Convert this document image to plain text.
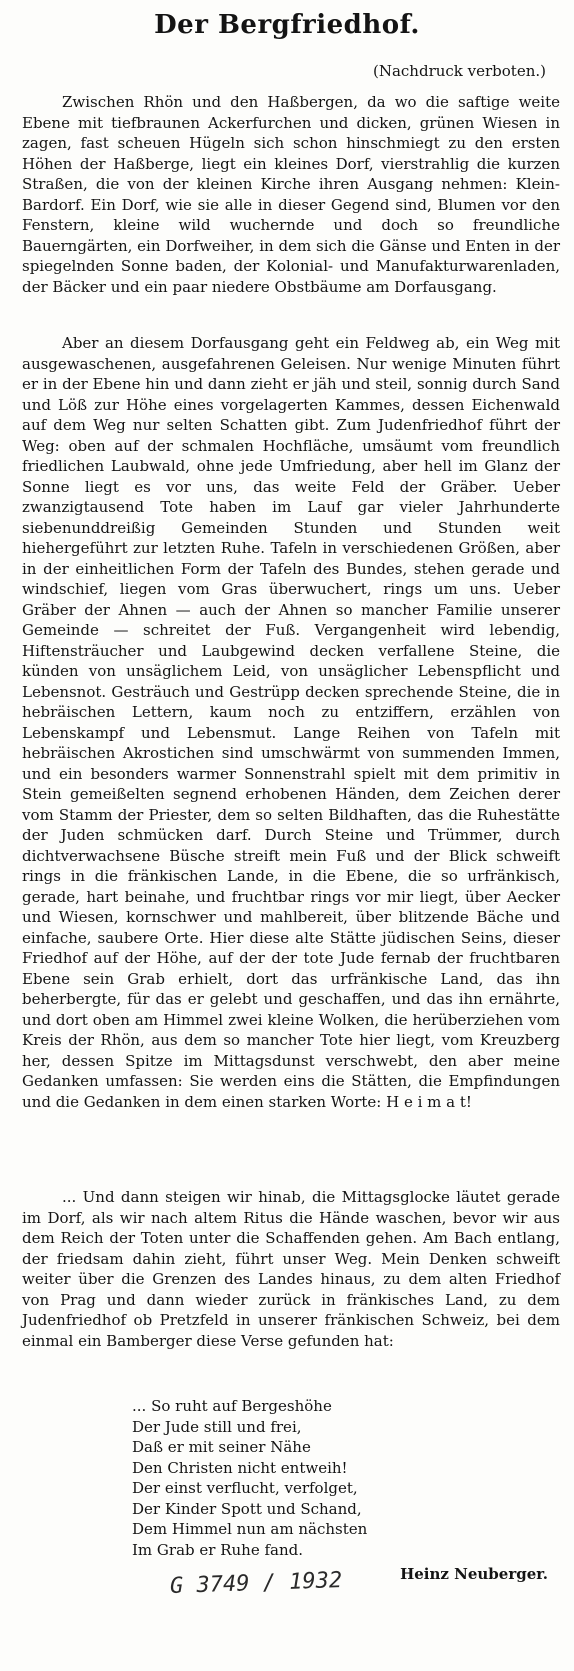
Der Bergfriedhof.
(Nachdruck verboten.)

Zwischen Rhön und den Haßbergen, da wo die saftige weite Ebene mit tiefbraunen Ackerfurchen und dicken, grünen Wiesen in zagen, fast scheuen Hügeln sich schon hinschmiegt zu den ersten Höhen der Haßberge, liegt ein kleines Dorf, vierstrahlig die kurzen Straßen, die von der kleinen Kirche ihren Ausgang nehmen: Klein-Bardorf. Ein Dorf, wie sie alle in dieser Gegend sind, Blumen vor den Fenstern, kleine wild wuchernde und doch so freundliche Bauerngärten, ein Dorfweiher, in dem sich die Gänse und Enten in der spiegelnden Sonne baden, der Kolonial- und Manufakturwarenladen, der Bäcker und ein paar niedere Obstbäume am Dorfausgang.

Aber an diesem Dorfausgang geht ein Feldweg ab, ein Weg mit ausgewaschenen, ausgefahrenen Geleisen. Nur wenige Minuten führt er in der Ebene hin und dann zieht er jäh und steil, sonnig durch Sand und Löß zur Höhe eines vorgelagerten Kammes, dessen Eichenwald auf dem Weg nur selten Schatten gibt. Zum Judenfriedhof führt der Weg: oben auf der schmalen Hochfläche, umsäumt vom freundlich friedlichen Laubwald, ohne jede Umfriedung, aber hell im Glanz der Sonne liegt es vor uns, das weite Feld der Gräber. Ueber zwanzigtausend Tote haben im Lauf gar vieler Jahrhunderte siebenunddreißig Gemeinden Stunden und Stunden weit hiehergeführt zur letzten Ruhe. Tafeln in verschiedenen Größen, aber in der einheitlichen Form der Tafeln des Bundes, stehen gerade und windschief, liegen vom Gras überwuchert, rings um uns. Ueber Gräber der Ahnen — auch der Ahnen so mancher Familie unserer Gemeinde — schreitet der Fuß. Vergangenheit wird lebendig, Hiftensträucher und Laubgewind decken verfallene Steine, die künden von unsäglichem Leid, von unsäglicher Lebenspflicht und Lebensnot. Gesträuch und Gestrüpp decken sprechende Steine, die in hebräischen Lettern, kaum noch zu entziffern, erzählen von Lebenskampf und Lebensmut. Lange Reihen von Tafeln mit hebräischen Akrostichen sind umschwärmt von summenden Immen, und ein besonders warmer Sonnenstrahl spielt mit dem primitiv in Stein gemeißelten segnend erhobenen Händen, dem Zeichen derer vom Stamm der Priester, dem so selten Bildhaften, das die Ruhestätte der Juden schmücken darf. Durch Steine und Trümmer, durch dichtverwachsene Büsche streift mein Fuß und der Blick schweift rings in die fränkischen Lande, in die Ebene, die so urfränkisch, gerade, hart beinahe, und fruchtbar rings vor mir liegt, über Aecker und Wiesen, kornschwer und mahlbereit, über blitzende Bäche und einfache, saubere Orte. Hier diese alte Stätte jüdischen Seins, dieser Friedhof auf der Höhe, auf der der tote Jude fernab der fruchtbaren Ebene sein Grab erhielt, dort das urfränkische Land, das ihn beherbergte, für das er gelebt und geschaffen, und das ihn ernährte, und dort oben am Himmel zwei kleine Wolken, die herüberziehen vom Kreis der Rhön, aus dem so mancher Tote hier liegt, vom Kreuzberg her, dessen Spitze im Mittagsdunst verschwebt, den aber meine Gedanken umfassen: Sie werden eins die Stätten, die Empfindungen und die Gedanken in dem einen starken Worte: H e i m a t!

... Und dann steigen wir hinab, die Mittagsglocke läutet gerade im Dorf, als wir nach altem Ritus die Hände waschen, bevor wir aus dem Reich der Toten unter die Schaffenden gehen. Am Bach entlang, der friedsam dahin zieht, führt unser Weg. Mein Denken schweift weiter über die Grenzen des Landes hinaus, zu dem alten Friedhof von Prag und dann wieder zurück in fränkisches Land, zu dem Judenfriedhof ob Pretzfeld in unserer fränkischen Schweiz, bei dem einmal ein Bamberger diese Verse gefunden hat:

... So ruht auf Bergeshöhe
Der Jude still und frei,
Daß er mit seiner Nähe
Den Christen nicht entweih!
Der einst verflucht, verfolget,
Der Kinder Spott und Schand,
Dem Himmel nun am nächsten
Im Grab er Ruhe fand.
G 3749 / 1932	Heinz Neuberger.
